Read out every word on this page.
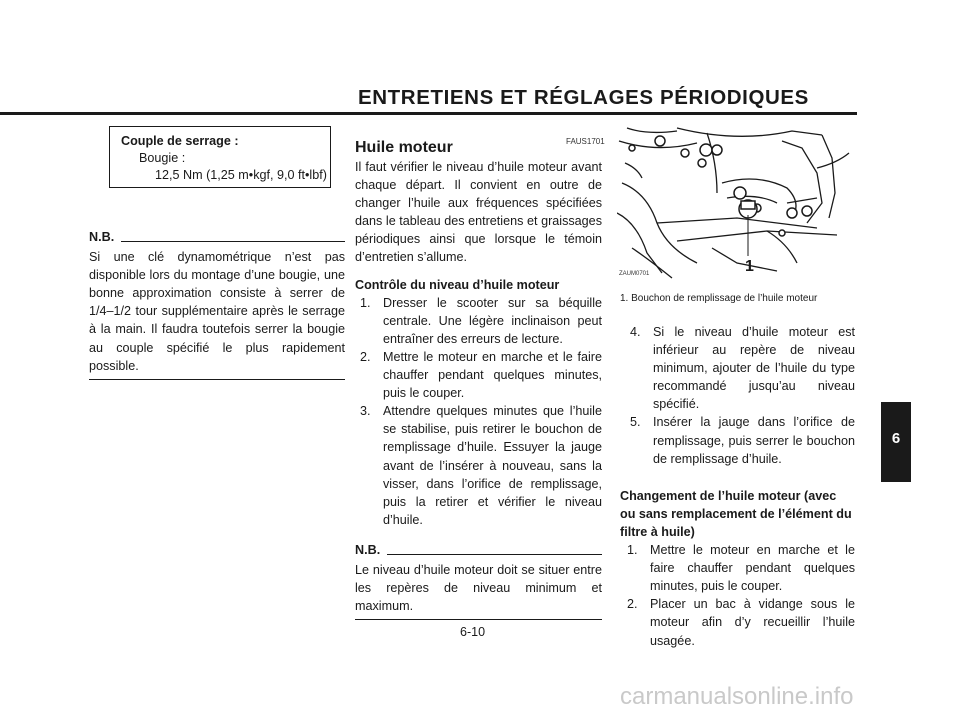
ENTRETIENS ET RÉGLAGES PÉRIODIQUES
6
Couple de serrage :
Bougie :
12,5 Nm (1,25 m•kgf, 9,0 ft•lbf)
N.B.
Si une clé dynamométrique n’est pas disponible lors du montage d’une bougie, une bonne approximation consiste à serrer de 1/4–1/2 tour supplémentaire après le serrage à la main. Il faudra toutefois serrer la bougie au couple spécifié le plus rapidement possible.
FAUS1701
Huile moteur
Il faut vérifier le niveau d’huile moteur avant chaque départ. Il convient en outre de changer l’huile aux fréquences spécifiées dans le tableau des entretiens et graissages périodiques ainsi que lorsque le témoin d’entretien s’allume.
Contrôle du niveau d’huile moteur
1. Dresser le scooter sur sa béquille centrale. Une légère inclinaison peut entraîner des erreurs de lecture.
2. Mettre le moteur en marche et le faire chauffer pendant quelques minutes, puis le couper.
3. Attendre quelques minutes que l’huile se stabilise, puis retirer le bouchon de remplissage d’huile. Essuyer la jauge avant de l’insérer à nouveau, sans la visser, dans l’orifice de remplissage, puis la retirer et vérifier le niveau d’huile.
N.B.
Le niveau d’huile moteur doit se situer entre les repères de niveau minimum et maximum.
1
ZAUM0701
1. Bouchon de remplissage de l’huile moteur
4. Si le niveau d’huile moteur est inférieur au repère de niveau minimum, ajouter de l’huile du type recommandé jusqu’au niveau spécifié.
5. Insérer la jauge dans l’orifice de remplissage, puis serrer le bouchon de remplissage d’huile.
Changement de l’huile moteur (avec ou sans remplacement de l’élément du filtre à huile)
1. Mettre le moteur en marche et le faire chauffer pendant quelques minutes, puis le couper.
2. Placer un bac à vidange sous le moteur afin d’y recueillir l’huile usagée.
6-10
carmanualsonline.info
